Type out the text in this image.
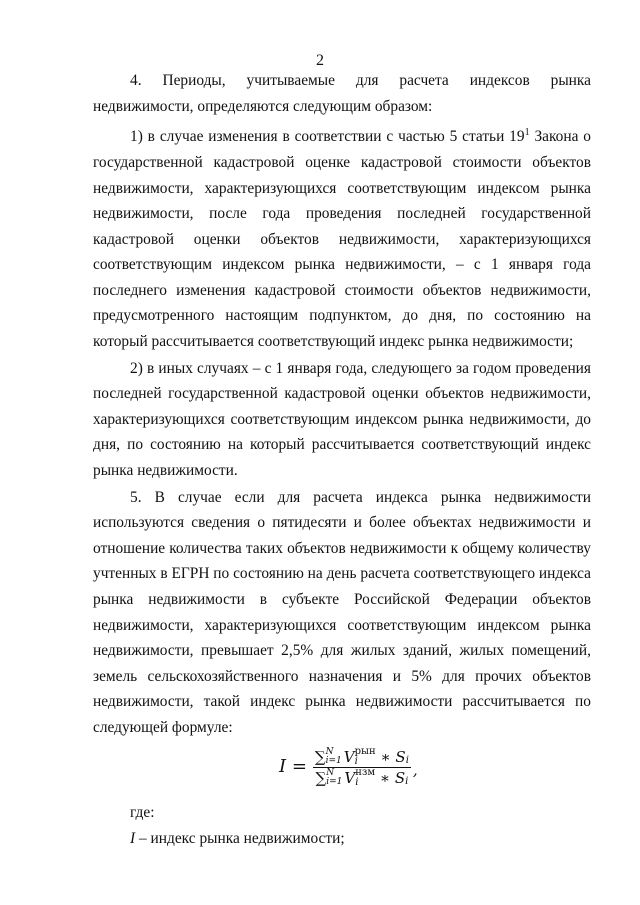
2

4. Периоды, учитываемые для расчета индексов рынка недвижимости, определяются следующим образом:

1) в случае изменения в соответствии с частью 5 статьи $19^1$ Закона о государственной кадастровой оценке кадастровой стоимости объектов недвижимости, характеризующихся соответствующим индексом рынка недвижимости, после года проведения последней государственной кадастровой оценки объектов недвижимости, характеризующихся соответствующим индексом рынка недвижимости, – с 1 января года последнего изменения кадастровой стоимости объектов недвижимости, предусмотренного настоящим подпунктом, до дня, по состоянию на который рассчитывается соответствующий индекс рынка недвижимости;

2) в иных случаях – с 1 января года, следующего за годом проведения последней государственной кадастровой оценки объектов недвижимости, характеризующихся соответствующим индексом рынка недвижимости, до дня, по состоянию на который рассчитывается соответствующий индекс рынка недвижимости.

5. В случае если для расчета индекса рынка недвижимости используются сведения о пятидесяти и более объектах недвижимости и отношение количества таких объектов недвижимости к общему количеству учтенных в ЕГРН по состоянию на день расчета соответствующего индекса рынка недвижимости в субъекте Российской Федерации объектов недвижимости, характеризующихся соответствующим индексом рынка недвижимости, превышает 2,5% для жилых зданий, жилых помещений, земель сельскохозяйственного назначения и 5% для прочих объектов недвижимости, такой индекс рынка недвижимости рассчитывается по следующей формуле:

I = ∑ N
i=1 V рын
i	∗ S i
∑ N
i=1 V нзм
i	∗ S i
,

где:

I – индекс рынка недвижимости;
